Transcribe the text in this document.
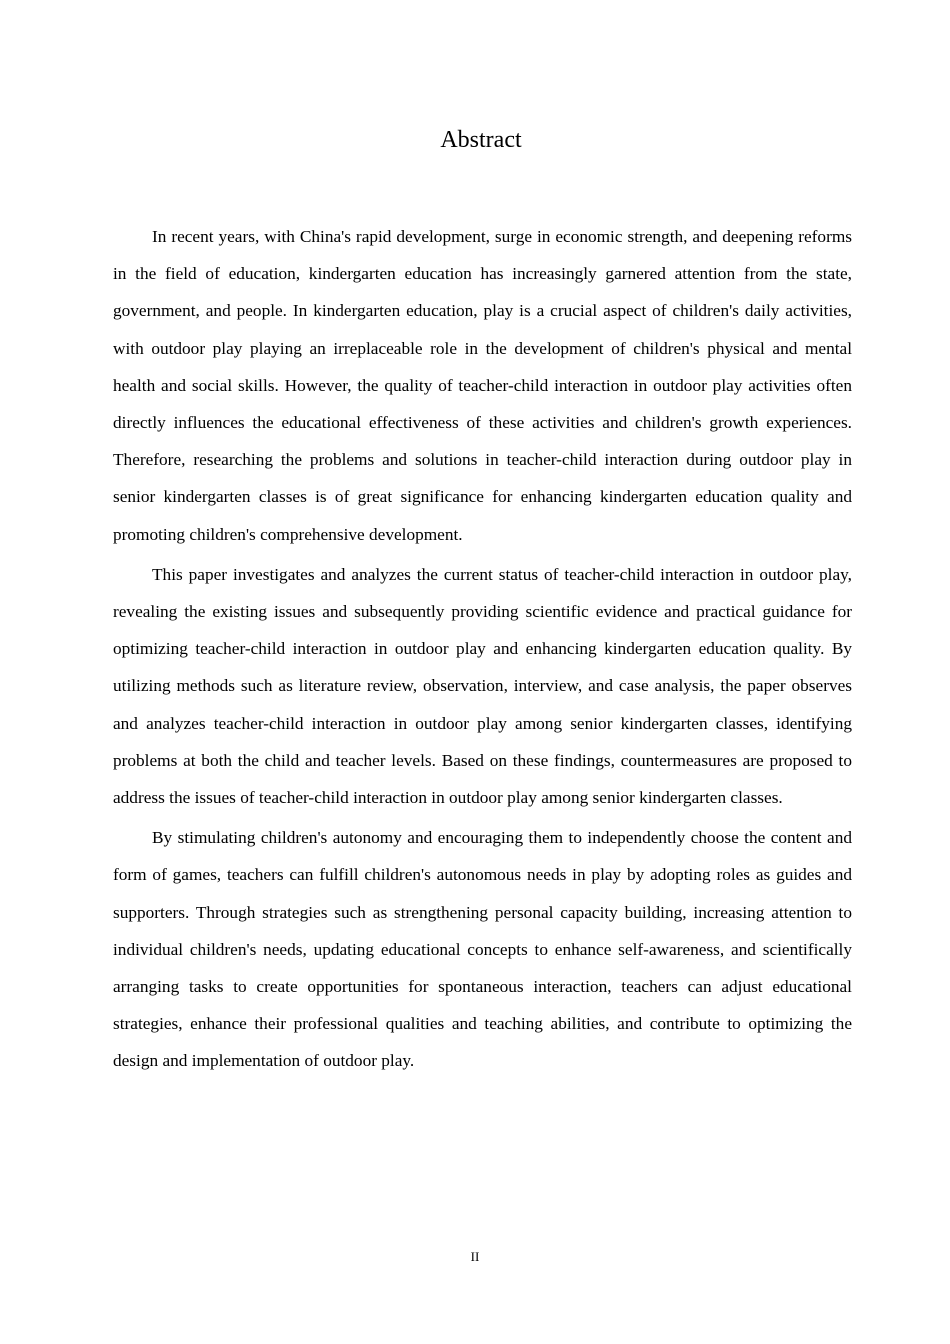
Abstract

In recent years, with China's rapid development, surge in economic strength, and deepening reforms in the field of education, kindergarten education has increasingly garnered attention from the state, government, and people. In kindergarten education, play is a crucial aspect of children's daily activities, with outdoor play playing an irreplaceable role in the development of children's physical and mental health and social skills. However, the quality of teacher-child interaction in outdoor play activities often directly influences the educational effectiveness of these activities and children's growth experiences. Therefore, researching the problems and solutions in teacher-child interaction during outdoor play in senior kindergarten classes is of great significance for enhancing kindergarten education quality and promoting children's comprehensive development.

This paper investigates and analyzes the current status of teacher-child interaction in outdoor play, revealing the existing issues and subsequently providing scientific evidence and practical guidance for optimizing teacher-child interaction in outdoor play and enhancing kindergarten education quality. By utilizing methods such as literature review, observation, interview, and case analysis, the paper observes and analyzes teacher-child interaction in outdoor play among senior kindergarten classes, identifying problems at both the child and teacher levels. Based on these findings, countermeasures are proposed to address the issues of teacher-child interaction in outdoor play among senior kindergarten classes.

By stimulating children's autonomy and encouraging them to independently choose the content and form of games, teachers can fulfill children's autonomous needs in play by adopting roles as guides and supporters. Through strategies such as strengthening personal capacity building, increasing attention to individual children's needs, updating educational concepts to enhance self-awareness, and scientifically arranging tasks to create opportunities for spontaneous interaction, teachers can adjust educational strategies, enhance their professional qualities and teaching abilities, and contribute to optimizing the design and implementation of outdoor play.

II
